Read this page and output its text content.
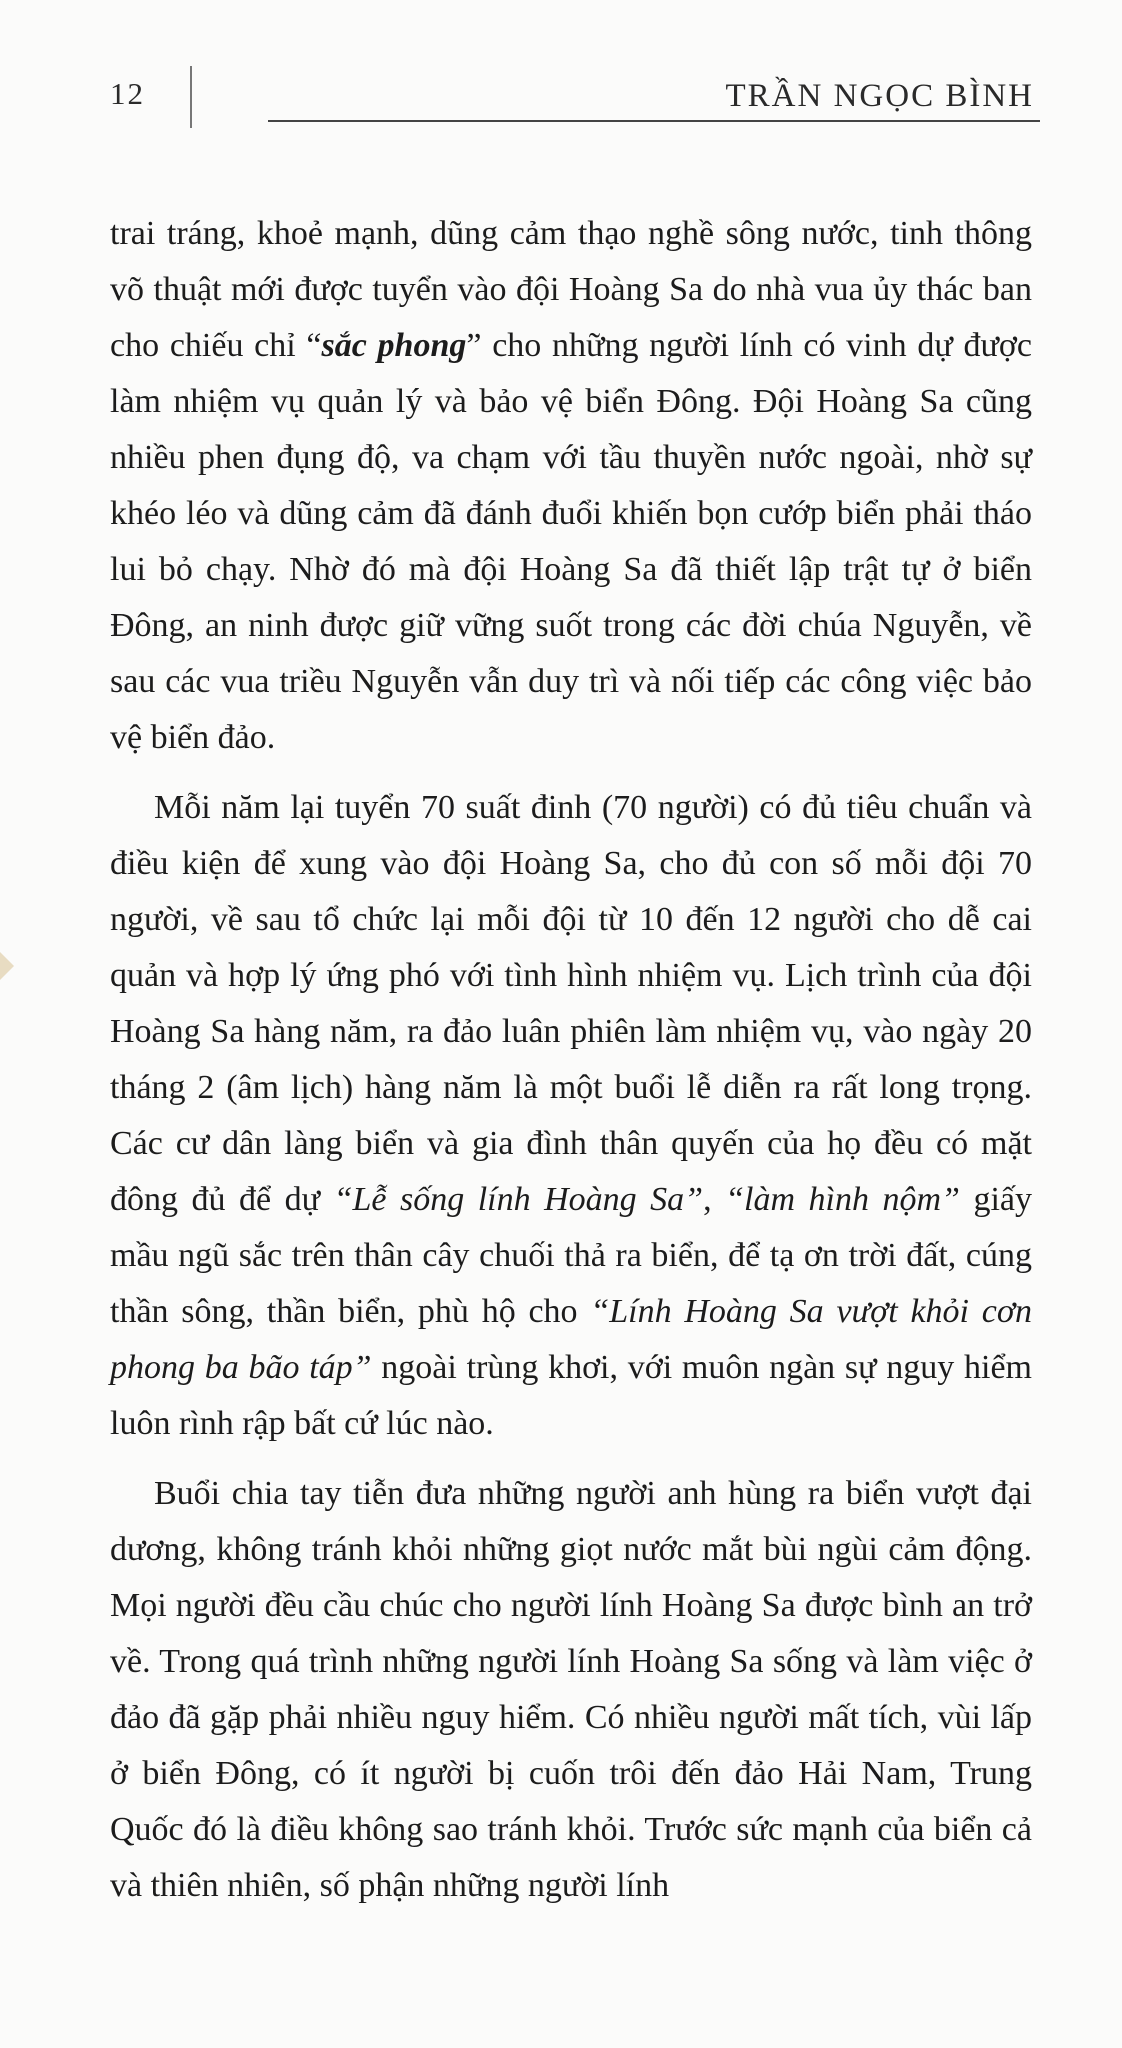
12	TRẦN NGỌC BÌNH

trai tráng, khoẻ mạnh, dũng cảm thạo nghề sông nước, tinh thông võ thuật mới được tuyển vào đội Hoàng Sa do nhà vua ủy thác ban cho chiếu chỉ “sắc phong” cho những người lính có vinh dự được làm nhiệm vụ quản lý và bảo vệ biển Đông. Đội Hoàng Sa cũng nhiều phen đụng độ, va chạm với tầu thuyền nước ngoài, nhờ sự khéo léo và dũng cảm đã đánh đuổi khiến bọn cướp biển phải tháo lui bỏ chạy. Nhờ đó mà đội Hoàng Sa đã thiết lập trật tự ở biển Đông, an ninh được giữ vững suốt trong các đời chúa Nguyễn, về sau các vua triều Nguyễn vẫn duy trì và nối tiếp các công việc bảo vệ biển đảo.

Mỗi năm lại tuyển 70 suất đinh (70 người) có đủ tiêu chuẩn và điều kiện để xung vào đội Hoàng Sa, cho đủ con số mỗi đội 70 người, về sau tổ chức lại mỗi đội từ 10 đến 12 người cho dễ cai quản và hợp lý ứng phó với tình hình nhiệm vụ. Lịch trình của đội Hoàng Sa hàng năm, ra đảo luân phiên làm nhiệm vụ, vào ngày 20 tháng 2 (âm lịch) hàng năm là một buổi lễ diễn ra rất long trọng. Các cư dân làng biển và gia đình thân quyến của họ đều có mặt đông đủ để dự “Lễ sống lính Hoàng Sa”, “làm hình nộm” giấy mầu ngũ sắc trên thân cây chuối thả ra biển, để tạ ơn trời đất, cúng thần sông, thần biển, phù hộ cho “Lính Hoàng Sa vượt khỏi cơn phong ba bão táp” ngoài trùng khơi, với muôn ngàn sự nguy hiểm luôn rình rập bất cứ lúc nào.

Buổi chia tay tiễn đưa những người anh hùng ra biển vượt đại dương, không tránh khỏi những giọt nước mắt bùi ngùi cảm động. Mọi người đều cầu chúc cho người lính Hoàng Sa được bình an trở về. Trong quá trình những người lính Hoàng Sa sống và làm việc ở đảo đã gặp phải nhiều nguy hiểm. Có nhiều người mất tích, vùi lấp ở biển Đông, có ít người bị cuốn trôi đến đảo Hải Nam, Trung Quốc đó là điều không sao tránh khỏi. Trước sức mạnh của biển cả và thiên nhiên, số phận những người lính
